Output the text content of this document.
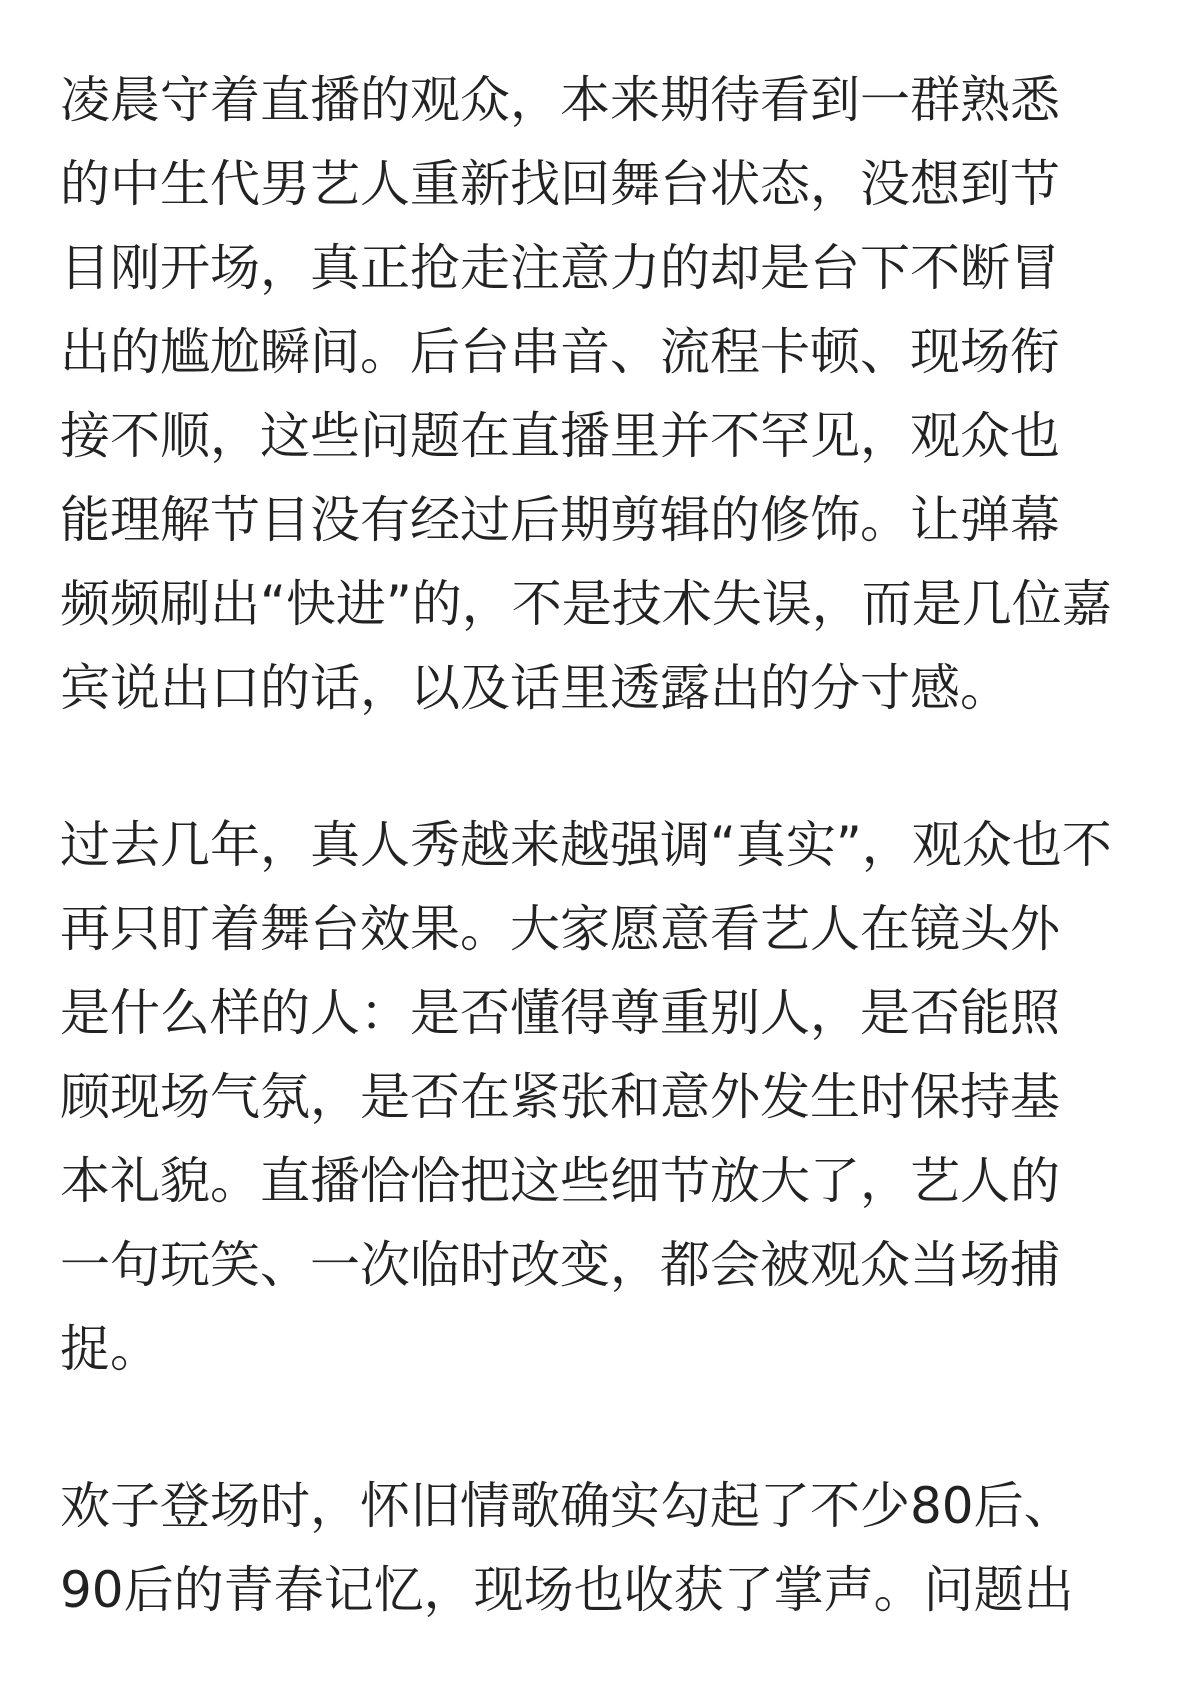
凌晨守着直播的观众，本来期待看到一群熟悉
的中生代男艺人重新找回舞台状态，没想到节
目刚开场，真正抢走注意力的却是台下不断冒
出的尴尬瞬间。后台串音、流程卡顿、现场衔
接不顺，这些问题在直播里并不罕见，观众也
能理解节目没有经过后期剪辑的修饰。让弹幕
频频刷出“快进”的，不是技术失误，而是几位嘉
宾说出口的话，以及话里透露出的分寸感。

过去几年，真人秀越来越强调“真实”，观众也不
再只盯着舞台效果。大家愿意看艺人在镜头外
是什么样的人：是否懂得尊重别人，是否能照
顾现场气氛，是否在紧张和意外发生时保持基
本礼貌。直播恰恰把这些细节放大了，艺人的
一句玩笑、一次临时改变，都会被观众当场捕
捉。

欢子登场时，怀旧情歌确实勾起了不少80后、
90后的青春记忆，现场也收获了掌声。问题出
